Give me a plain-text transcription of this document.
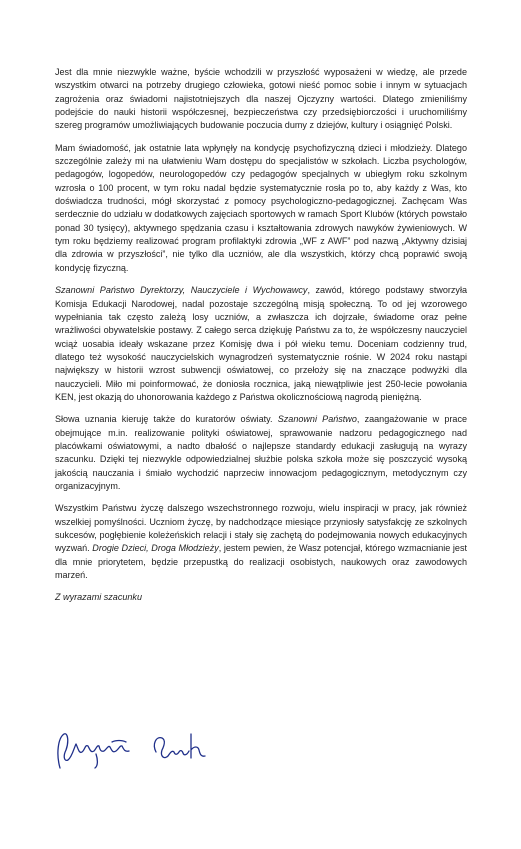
Jest dla mnie niezwykle ważne, byście wchodzili w przyszłość wyposażeni w wiedzę, ale przede wszystkim otwarci na potrzeby drugiego człowieka, gotowi nieść pomoc sobie i innym w sytuacjach zagrożenia oraz świadomi najistotniejszych dla naszej Ojczyzny wartości. Dlatego zmieniliśmy podejście do nauki historii współczesnej, bezpieczeństwa czy przedsiębiorczości i uruchomiliśmy szereg programów umożliwiających budowanie poczucia dumy z dziejów, kultury i osiągnięć Polski.

Mam świadomość, jak ostatnie lata wpłynęły na kondycję psychofizyczną dzieci i młodzieży. Dlatego szczególnie zależy mi na ułatwieniu Wam dostępu do specjalistów w szkołach. Liczba psychologów, pedagogów, logopedów, neurologopedów czy pedagogów specjalnych w ubiegłym roku szkolnym wzrosła o 100 procent, w tym roku nadal będzie systematycznie rosła po to, aby każdy z Was, kto doświadcza trudności, mógł skorzystać z pomocy psychologiczno-pedagogicznej. Zachęcam Was serdecznie do udziału w dodatkowych zajęciach sportowych w ramach Sport Klubów (których powstało ponad 30 tysięcy), aktywnego spędzania czasu i kształtowania zdrowych nawyków żywieniowych. W tym roku będziemy realizować program profilaktyki zdrowia „WF z AWF” pod nazwą „Aktywny dzisiaj dla zdrowia w przyszłości”, nie tylko dla uczniów, ale dla wszystkich, którzy chcą poprawić swoją kondycję fizyczną.

Szanowni Państwo Dyrektorzy, Nauczyciele i Wychowawcy, zawód, którego podstawy stworzyła Komisja Edukacji Narodowej, nadal pozostaje szczególną misją społeczną. To od jej wzorowego wypełniania tak często zależą losy uczniów, a zwłaszcza ich dojrzałe, świadome oraz pełne wrażliwości obywatelskie postawy. Z całego serca dziękuję Państwu za to, że współczesny nauczyciel wciąż uosabia ideały wskazane przez Komisję dwa i pół wieku temu. Doceniam codzienny trud, dlatego też wysokość nauczycielskich wynagrodzeń systematycznie rośnie. W 2024 roku nastąpi największy w historii wzrost subwencji oświatowej, co przełoży się na znaczące podwyżki dla nauczycieli. Miło mi poinformować, że doniosła rocznica, jaką niewątpliwie jest 250-lecie powołania KEN, jest okazją do uhonorowania każdego z Państwa okolicznościową nagrodą pieniężną.

Słowa uznania kieruję także do kuratorów oświaty. Szanowni Państwo, zaangażowanie w prace obejmujące m.in. realizowanie polityki oświatowej, sprawowanie nadzoru pedagogicznego nad placówkami oświatowymi, a nadto dbałość o najlepsze standardy edukacji zasługują na wyrazy szacunku. Dzięki tej niezwykle odpowiedzialnej służbie polska szkoła może się poszczycić wysoką jakością nauczania i śmiało wychodzić naprzeciw innowacjom pedagogicznym, metodycznym czy organizacyjnym.

Wszystkim Państwu życzę dalszego wszechstronnego rozwoju, wielu inspiracji w pracy, jak również wszelkiej pomyślności. Uczniom życzę, by nadchodzące miesiące przyniosły satysfakcję ze szkolnych sukcesów, pogłębienie koleżeńskich relacji i stały się zachętą do podejmowania nowych edukacyjnych wyzwań. Drogie Dzieci, Droga Młodzieży, jestem pewien, że Wasz potencjał, którego wzmacnianie jest dla mnie priorytetem, będzie przepustką do realizacji osobistych, naukowych oraz zawodowych marzeń.

Z wyrazami szacunku
